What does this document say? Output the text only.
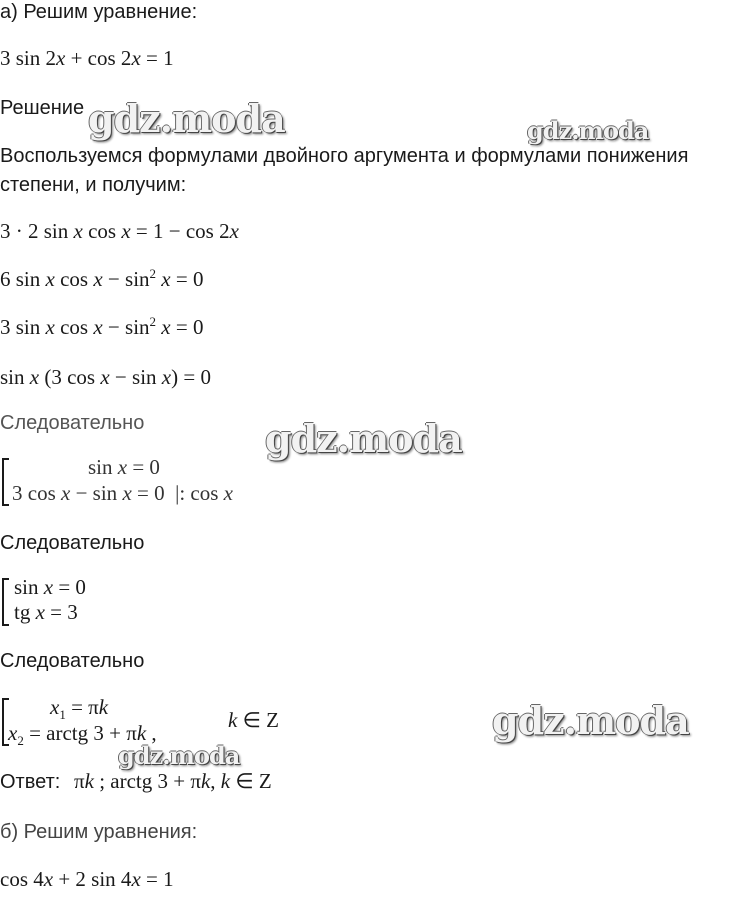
а) Решим уравнение:
3 sin 2x + cos 2x = 1
Решение
Воспользуемся формулами двойного аргумента и формулами понижения
степени, и получим:
3 · 2 sin x cos x = 1 − cos 2x
6 sin x $\cos x - \sin^2 x = 0$
3 sin x $\cos x - \sin^2 x = 0$
sin x (3 cos x − sin x) = 0
Следовательно
sin x = 0
3 cos x − sin x = 0  |: cos x
Следовательно
sin x = 0
tg x = 3
Следовательно
$x_1 = \pi k$
$x_2$ = arctg 3 + πk ,
k ∈ Z
Ответ: πk ; arctg 3 + πk, k ∈ Z
б) Решим уравнения:
cos 4x + 2 sin 4x = 1
gdz.moda	gdz.moda
gdz.moda
gdz.moda
gdz.moda
